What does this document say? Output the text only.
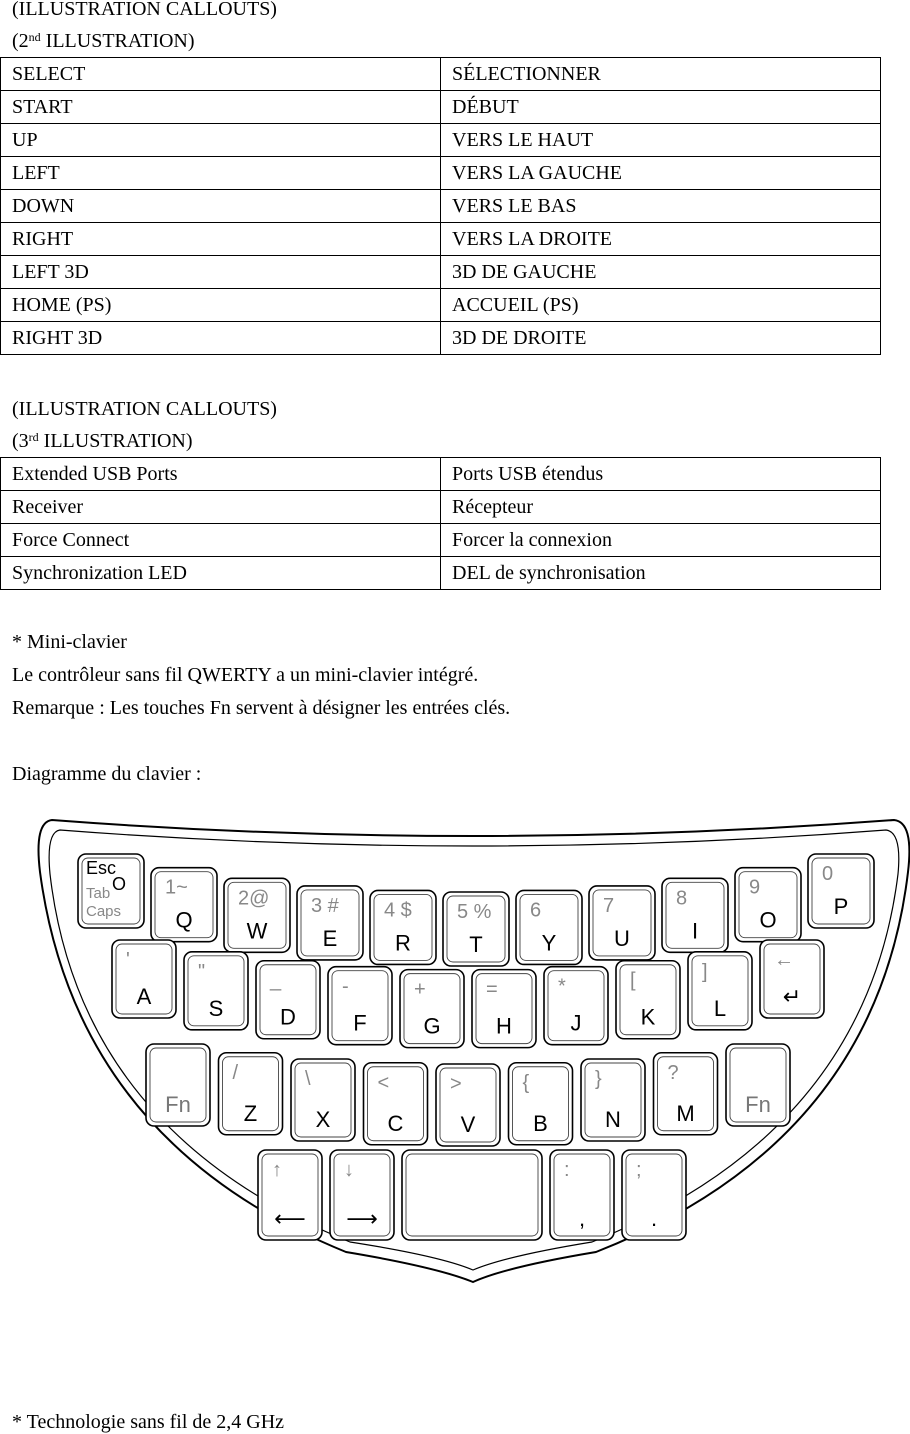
(ILLUSTRATION CALLOUTS)
(2nd ILLUSTRATION)
SELECT	SÉLECTIONNER
START	DÉBUT
UP	VERS LE HAUT
LEFT	VERS LA GAUCHE
DOWN	VERS LE BAS
RIGHT	VERS LA DROITE
LEFT 3D	3D DE GAUCHE
HOME (PS)	ACCUEIL (PS)
RIGHT 3D	3D DE DROITE
(ILLUSTRATION CALLOUTS)
(3rd ILLUSTRATION)
Extended USB Ports	Ports USB étendus
Receiver	Récepteur
Force Connect	Forcer la connexion
Synchronization LED	DEL de synchronisation
* Mini-clavier
Le contrôleur sans fil QWERTY a un mini-clavier intégré.
Remarque : Les touches Fn servent à désigner les entrées clés.
Diagramme du clavier :
Tab
Caps
O
Esc
1~
Q
2@
W
3 #
E
4 $
R
5 %
T
6
Y
7
U
8
I
9
O
0
P
'
A
"
S
_
D
-
F
+
G
=
H
*
J
[
K
]
L
←
↵
Fn
/
Z
\
X
<
C
>
V
{
B
}
N
?
M Fn
↑
⟵
↓
⟶
:
,
;
.
* Technologie sans fil de 2,4 GHz
